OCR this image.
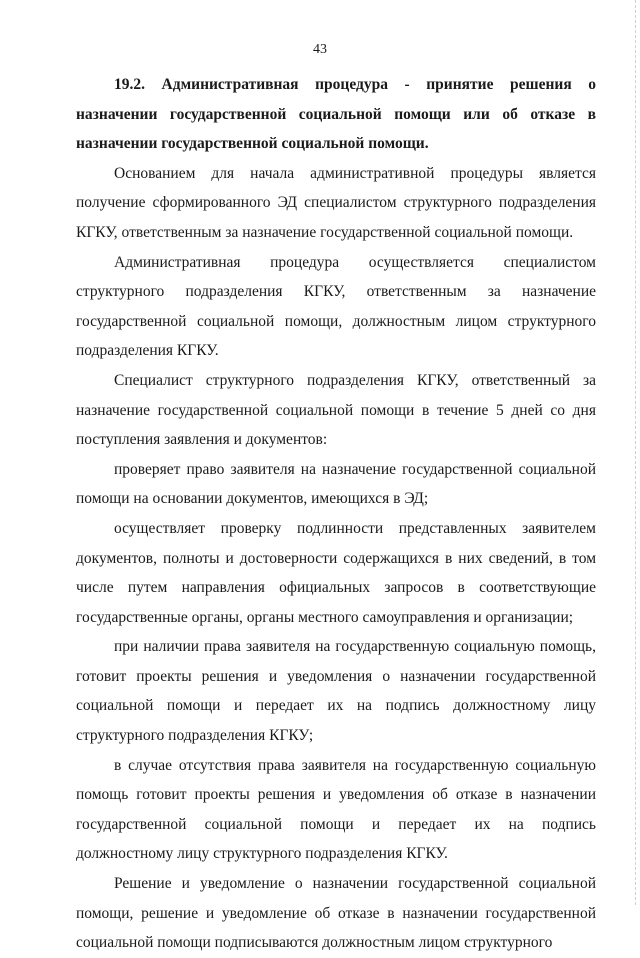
43

19.2. Административная процедура - принятие решения о назначении государственной социальной помощи или об отказе в назначении государственной социальной помощи.

Основанием для начала административной процедуры является получение сформированного ЭД специалистом структурного подразделения КГКУ, ответственным за назначение государственной социальной помощи.

Административная процедура осуществляется специалистом структурного подразделения КГКУ, ответственным за назначение государственной социальной помощи, должностным лицом структурного подразделения КГКУ.

Специалист структурного подразделения КГКУ, ответственный за назначение государственной социальной помощи в течение 5 дней со дня поступления заявления и документов:

проверяет право заявителя на назначение государственной социальной помощи на основании документов, имеющихся в ЭД;

осуществляет проверку подлинности представленных заявителем документов, полноты и достоверности содержащихся в них сведений, в том числе путем направления официальных запросов в соответствующие государственные органы, органы местного самоуправления и организации;

при наличии права заявителя на государственную социальную помощь, готовит проекты решения и уведомления о назначении государственной социальной помощи и передает их на подпись должностному лицу структурного подразделения КГКУ;

в случае отсутствия права заявителя на государственную социальную помощь готовит проекты решения и уведомления об отказе в назначении государственной социальной помощи и передает их на подпись должностному лицу структурного подразделения КГКУ.

Решение и уведомление о назначении государственной социальной помощи, решение и уведомление об отказе в назначении государственной социальной помощи подписываются должностным лицом структурного
